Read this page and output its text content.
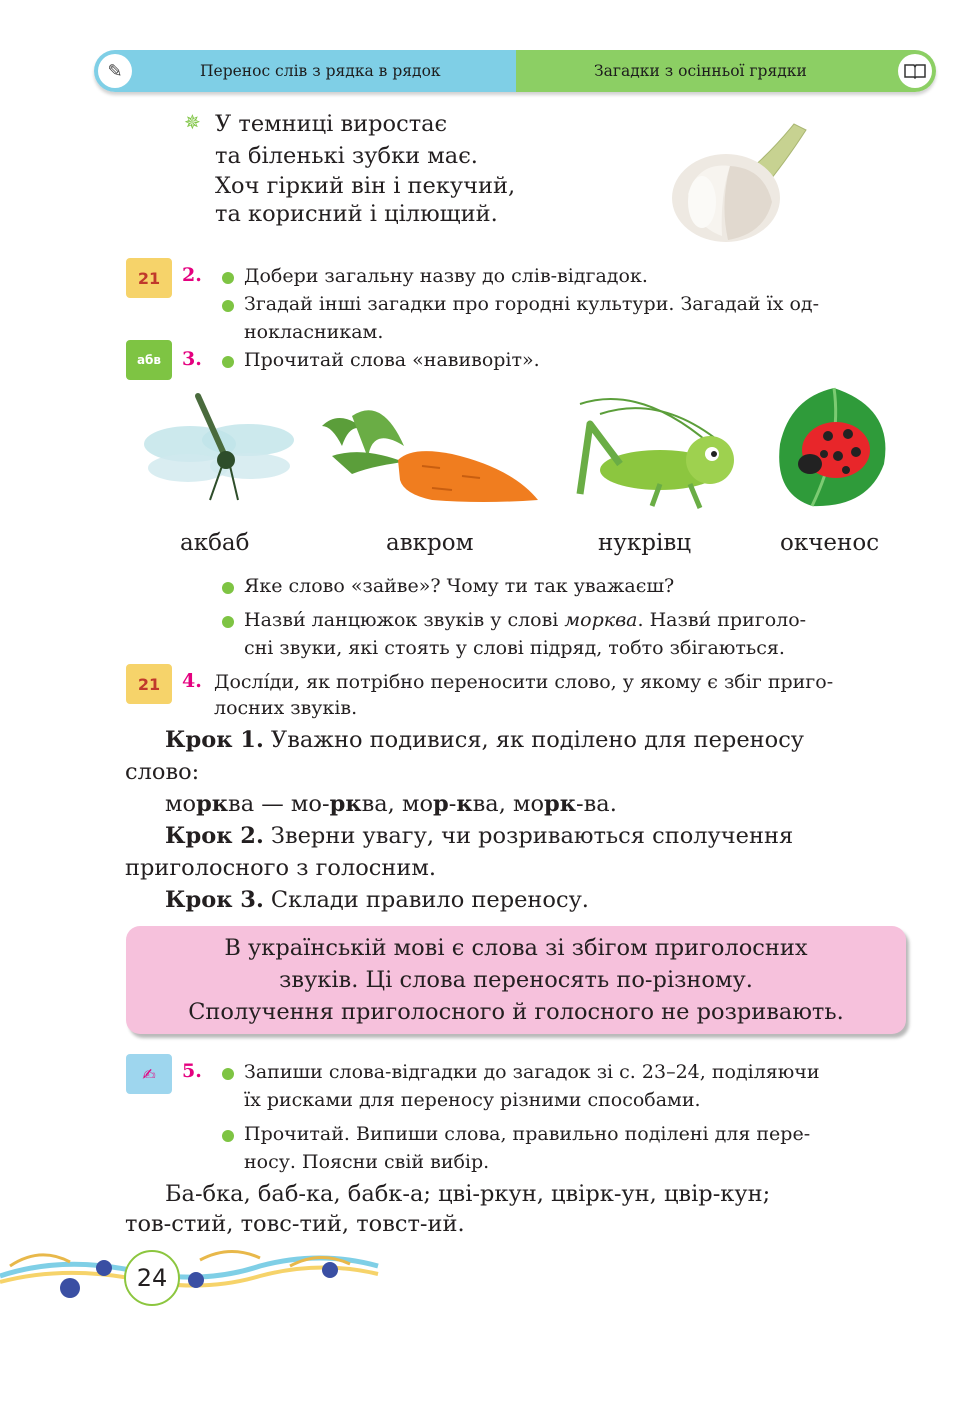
✎	Перенос слів з рядка в рядок	Загадки з осінньої грядки
✵ У темниці виростає
та біленькі зубки має.
Хоч гіркий він і пекучий,
та корисний і цілющий.
21	2. Добери загальну назву до слів-відгадок.
Згадай інші загадки про городні культури. Загадай їх од-
нокласникам.
абв	3. Прочитай слова «навиворіт».
акбаб	авкром	нукрівц	окченос
Яке слово «зайве»? Чому ти так уважаєш?
Назви́ ланцюжок звуків у слові морква. Назви́ приголо-
сні звуки, які стоять у слові підряд, тобто збігаються.
21	4. Дослíди, як потрібно переносити слово, у якому є збіг приго-
лосних звуків.
Крок 1. Уважно подивися, як поділено для переносу
слово:
морква — мо-рква, мор-ква, морк-ва.
Крок 2. Зверни увагу, чи розриваються сполучення
приголосного з голосним.
Крок 3. Склади правило переносу.
В українській мові є слова зі збігом приголосних
звуків. Ці слова переносять по-різному.
Сполучення приголосного й голосного не розривають.
✍	5. Запиши слова-відгадки до загадок зі с. 23–24, поділяючи
їх рисками для переносу різними способами.
Прочитай. Випиши слова, правильно поділені для пере-
носу. Поясни свій вибір.
Ба-бка, баб-ка, бабк-а; цві-ркун, цвірк-ун, цвір-кун;
тов-стий, товс-тий, товст-ий.
24
